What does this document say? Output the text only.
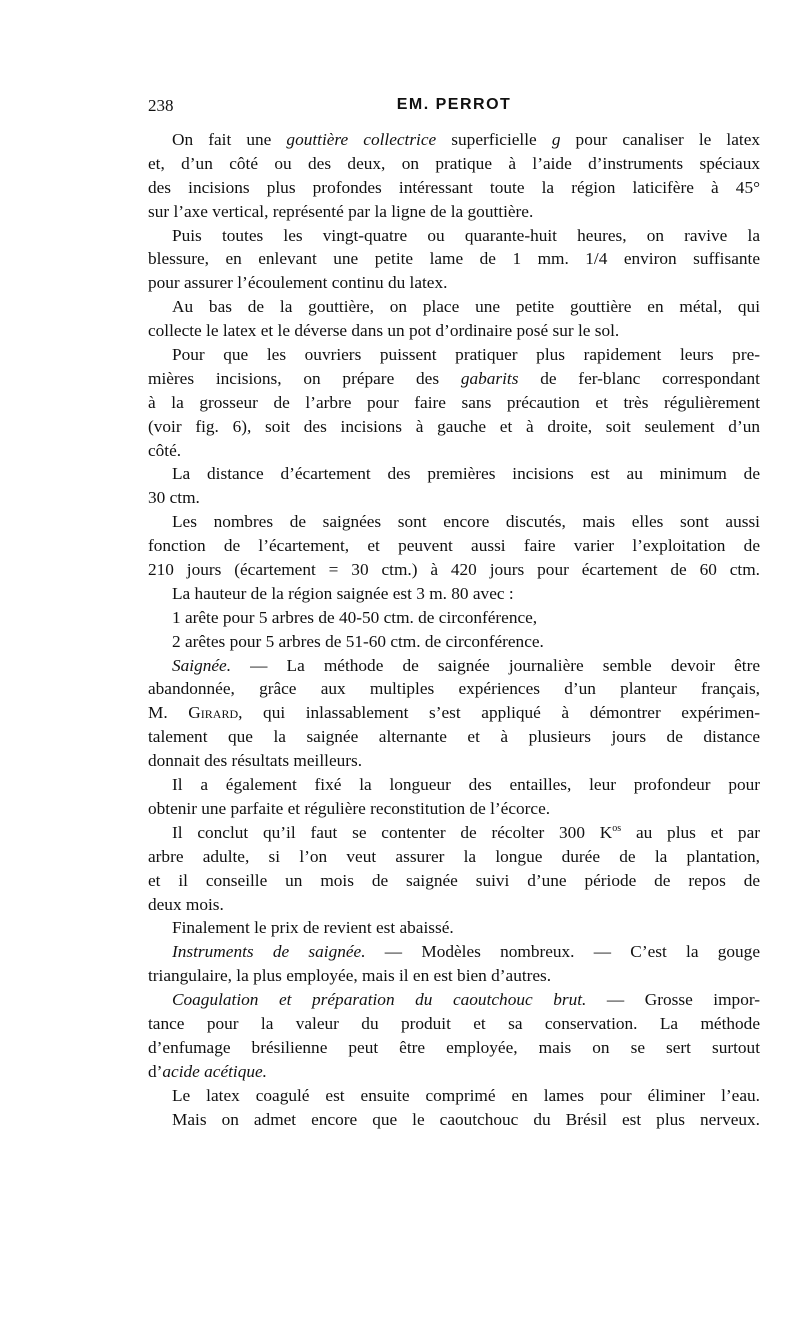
238	EM. PERROT
On fait une gouttière collectrice superficielle g pour canaliser le latex
et, d’un côté ou des deux, on pratique à l’aide d’instruments spéciaux
des incisions plus profondes intéressant toute la région laticifère à 45°
sur l’axe vertical, représenté par la ligne de la gouttière.
Puis toutes les vingt-quatre ou quarante-huit heures, on ravive la
blessure, en enlevant une petite lame de 1 mm. 1/4 environ suffisante
pour assurer l’écoulement continu du latex.
Au bas de la gouttière, on place une petite gouttière en métal, qui
collecte le latex et le déverse dans un pot d’ordinaire posé sur le sol.
Pour que les ouvriers puissent pratiquer plus rapidement leurs pre-
mières incisions, on prépare des gabarits de fer-blanc correspondant
à la grosseur de l’arbre pour faire sans précaution et très régulièrement
(voir fig. 6), soit des incisions à gauche et à droite, soit seulement d’un
côté.
La distance d’écartement des premières incisions est au minimum de
30 ctm.
Les nombres de saignées sont encore discutés, mais elles sont aussi
fonction de l’écartement, et peuvent aussi faire varier l’exploitation de
210 jours (écartement = 30 ctm.) à 420 jours pour écartement de 60 ctm.
La hauteur de la région saignée est 3 m. 80 avec :
1 arête pour 5 arbres de 40-50 ctm. de circonférence,
2 arêtes pour 5 arbres de 51-60 ctm. de circonférence.
Saignée. — La méthode de saignée journalière semble devoir être
abandonnée, grâce aux multiples expériences d’un planteur français,
M. Girard, qui inlassablement s’est appliqué à démontrer expérimen-
talement que la saignée alternante et à plusieurs jours de distance
donnait des résultats meilleurs.
Il a également fixé la longueur des entailles, leur profondeur pour
obtenir une parfaite et régulière reconstitution de l’écorce.
Il conclut qu’il faut se contenter de récolter 300 $K^{os}$ au plus et par
arbre adulte, si l’on veut assurer la longue durée de la plantation,
et il conseille un mois de saignée suivi d’une période de repos de
deux mois.
Finalement le prix de revient est abaissé.
Instruments de saignée. — Modèles nombreux. — C’est la gouge
triangulaire, la plus employée, mais il en est bien d’autres.
Coagulation et préparation du caoutchouc brut. — Grosse impor-
tance pour la valeur du produit et sa conservation. La méthode
d’enfumage brésilienne peut être employée, mais on se sert surtout
d’acide acétique.
Le latex coagulé est ensuite comprimé en lames pour éliminer l’eau.
Mais on admet encore que le caoutchouc du Brésil est plus nerveux.
